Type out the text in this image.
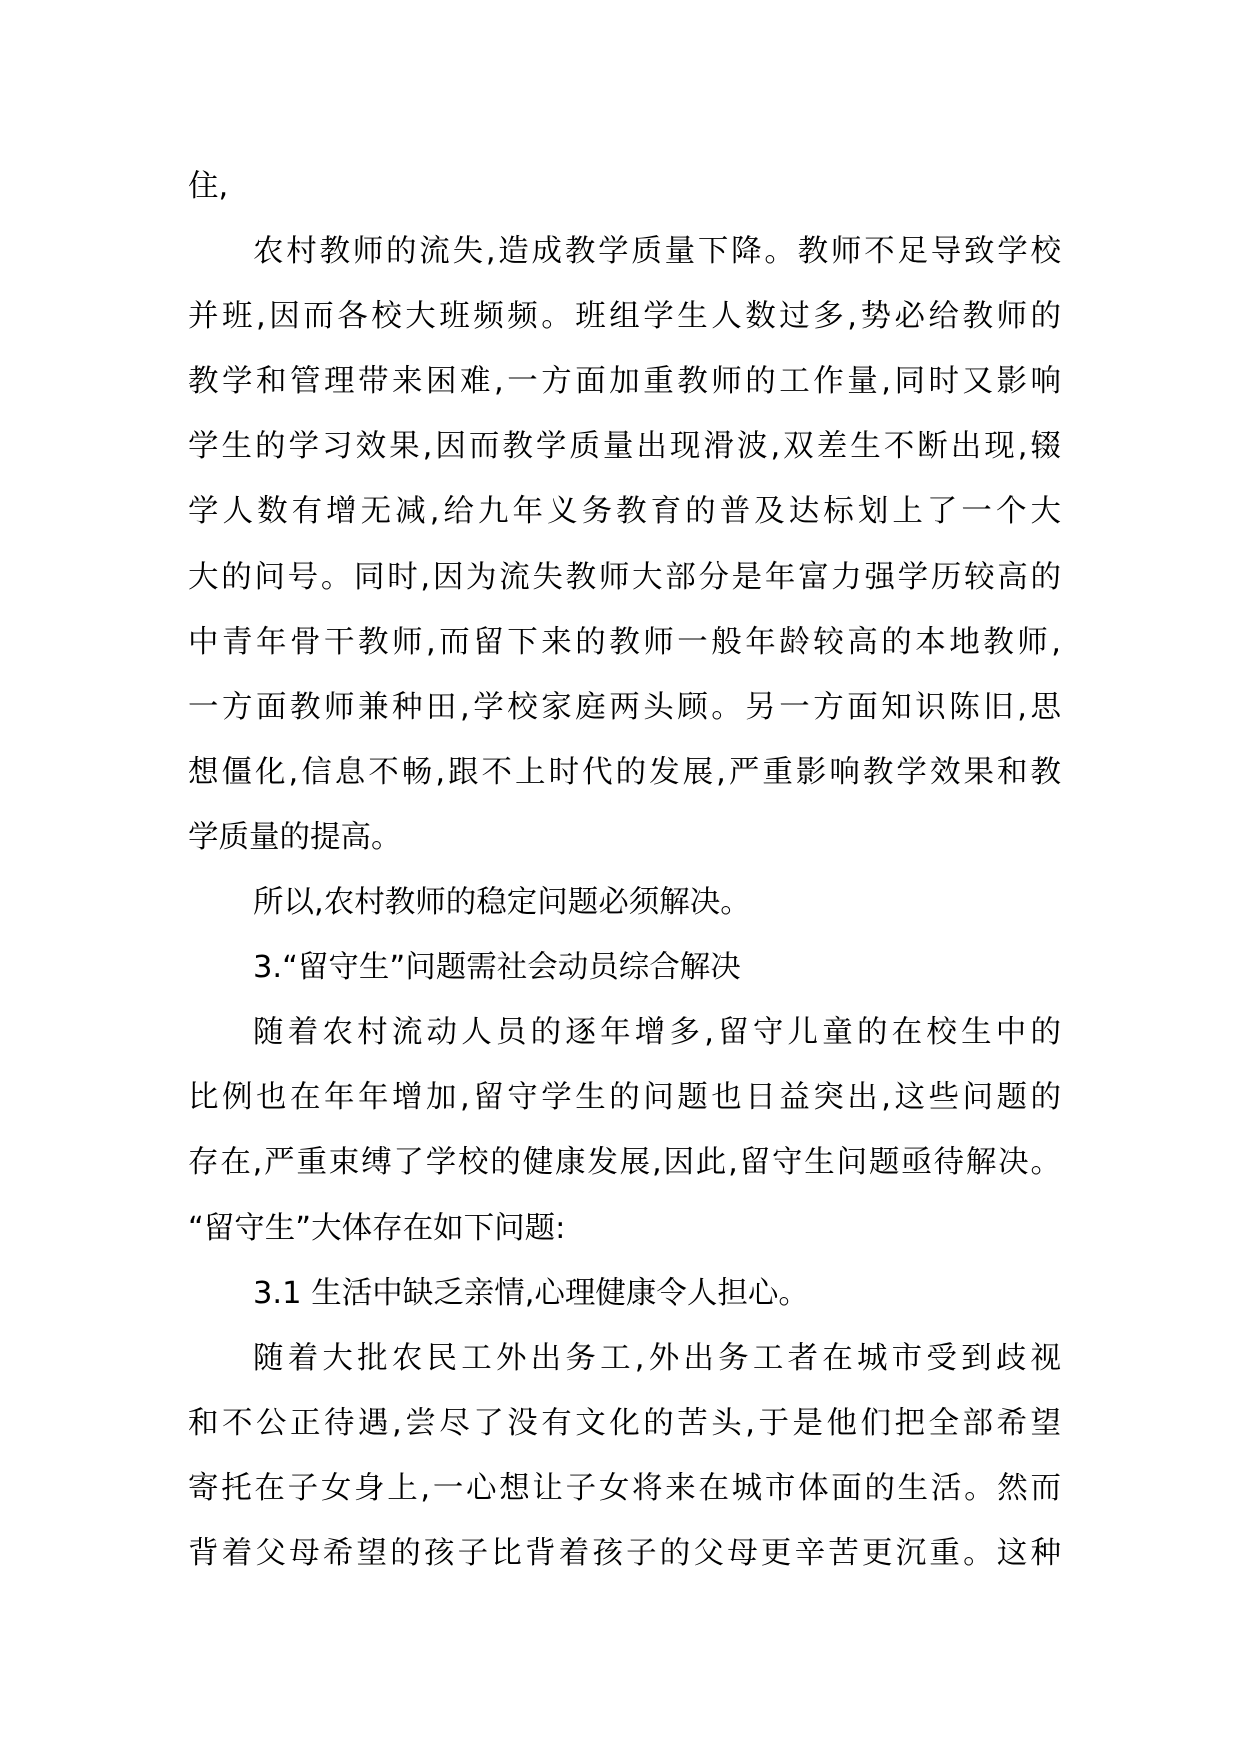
住,
农村教师的流失,造成教学质量下降。教师不足导致学校
并班,因而各校大班频频。班组学生人数过多,势必给教师的
教学和管理带来困难,一方面加重教师的工作量,同时又影响
学生的学习效果,因而教学质量出现滑波,双差生不断出现,辍
学人数有增无减,给九年义务教育的普及达标划上了一个大
大的问号。同时,因为流失教师大部分是年富力强学历较高的
中青年骨干教师,而留下来的教师一般年龄较高的本地教师,
一方面教师兼种田,学校家庭两头顾。另一方面知识陈旧,思
想僵化,信息不畅,跟不上时代的发展,严重影响教学效果和教
学质量的提高。
所以,农村教师的稳定问题必须解决。
3.“留守生”问题需社会动员综合解决
随着农村流动人员的逐年增多,留守儿童的在校生中的
比例也在年年增加,留守学生的问题也日益突出,这些问题的
存在,严重束缚了学校的健康发展,因此,留守生问题亟待解决。
“留守生”大体存在如下问题:
3.1 生活中缺乏亲情,心理健康令人担心。
随着大批农民工外出务工,外出务工者在城市受到歧视
和不公正待遇,尝尽了没有文化的苦头,于是他们把全部希望
寄托在子女身上,一心想让子女将来在城市体面的生活。然而
背着父母希望的孩子比背着孩子的父母更辛苦更沉重。这种
